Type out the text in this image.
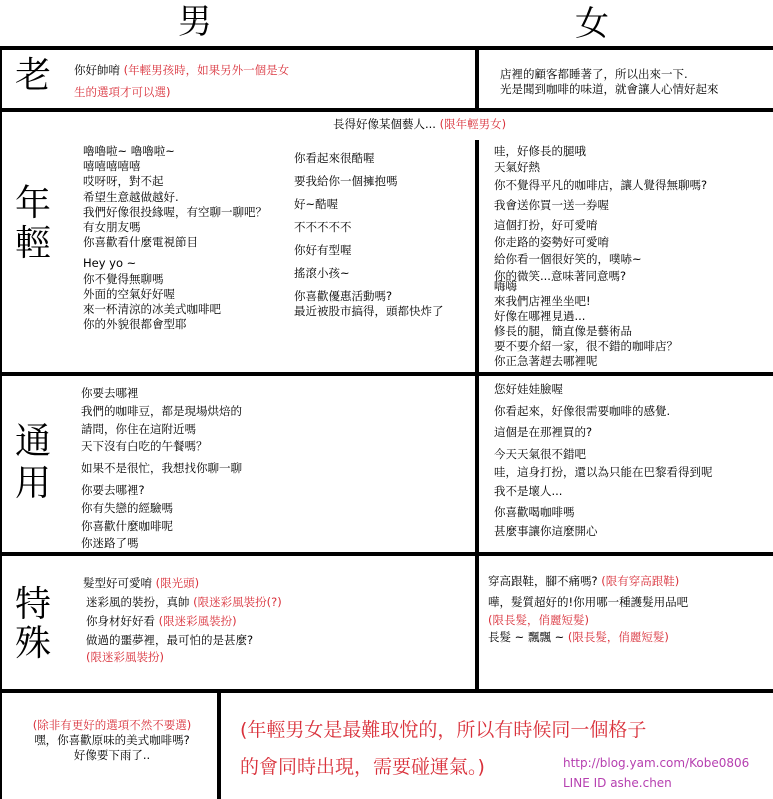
男	女
老
年
輕
通
用
特
殊
你好帥唷 (年輕男孩時，如果另外一個是女
生的選項才可以選)
店裡的顧客都睡著了，所以出來一下.
光是聞到咖啡的味道，就會讓人心情好起來
長得好像某個藝人... (限年輕男女)
嚕嚕啦~ 嚕嚕啦~
嘻嘻嘻嘻嘻
哎呀呀，對不起
希望生意越做越好.
我們好像很投緣喔，有空聊一聊吧？
有女朋友嗎
你喜歡看什麼電視節目
Hey yo ~
你不覺得無聊嗎
外面的空氣好好喔
來一杯清涼的冰美式咖啡吧
你的外貌很都會型耶
你看起來很酷喔
要我給你一個擁抱嗎
好~酷喔
不不不不不
你好有型喔
搖滾小孩~
你喜歡優惠活動嗎?
最近被股市搞得，頭都快炸了
哇，好修長的腿哦
天氣好熱
你不覺得平凡的咖啡店，讓人覺得無聊嗎?
我會送你買一送一券喔
這個打扮，好可愛唷
你走路的姿勢好可愛唷
給你看一個很好笑的，噗哧~
你的微笑...意味著同意嗎?
嗨嗨
來我們店裡坐坐吧!
好像在哪裡見過...
修長的腿，簡直像是藝術品
要不要介紹一家，很不錯的咖啡店？
你正急著趕去哪裡呢
你要去哪裡
我們的咖啡豆，都是現場烘焙的
請問，你住在這附近嗎
天下沒有白吃的午餐嗎？
如果不是很忙，我想找你聊一聊
你要去哪裡?
你有失戀的經驗嗎
你喜歡什麼咖啡呢
你迷路了嗎
您好娃娃臉喔
你看起來，好像很需要咖啡的感覺.
這個是在那裡買的?
今天天氣很不錯吧
哇，這身打扮，還以為只能在巴黎看得到呢
我不是壞人...
你喜歡喝咖啡嗎
甚麼事讓你這麼開心
髮型好可愛唷 (限光頭)
迷彩風的裝扮，真帥 (限迷彩風裝扮(?)
你身材好好看 (限迷彩風裝扮)
做過的噩夢裡，最可怕的是甚麼?
(限迷彩風裝扮)
穿高跟鞋，腳不痛嗎? (限有穿高跟鞋)
嘩，髮質超好的!你用哪一種護髮用品吧
(限長髮，俏麗短髮)
長髮 ~ 飄飄 ~ (限長髮，俏麗短髮)
(除非有更好的選項不然不要選)
嘿，你喜歡原味的美式咖啡嗎?
好像要下雨了..
(年輕男女是最難取悅的，所以有時候同一個格子
的會同時出現，需要碰運氣。)	http://blog.yam.com/Kobe0806
LINE ID ashe.chen
